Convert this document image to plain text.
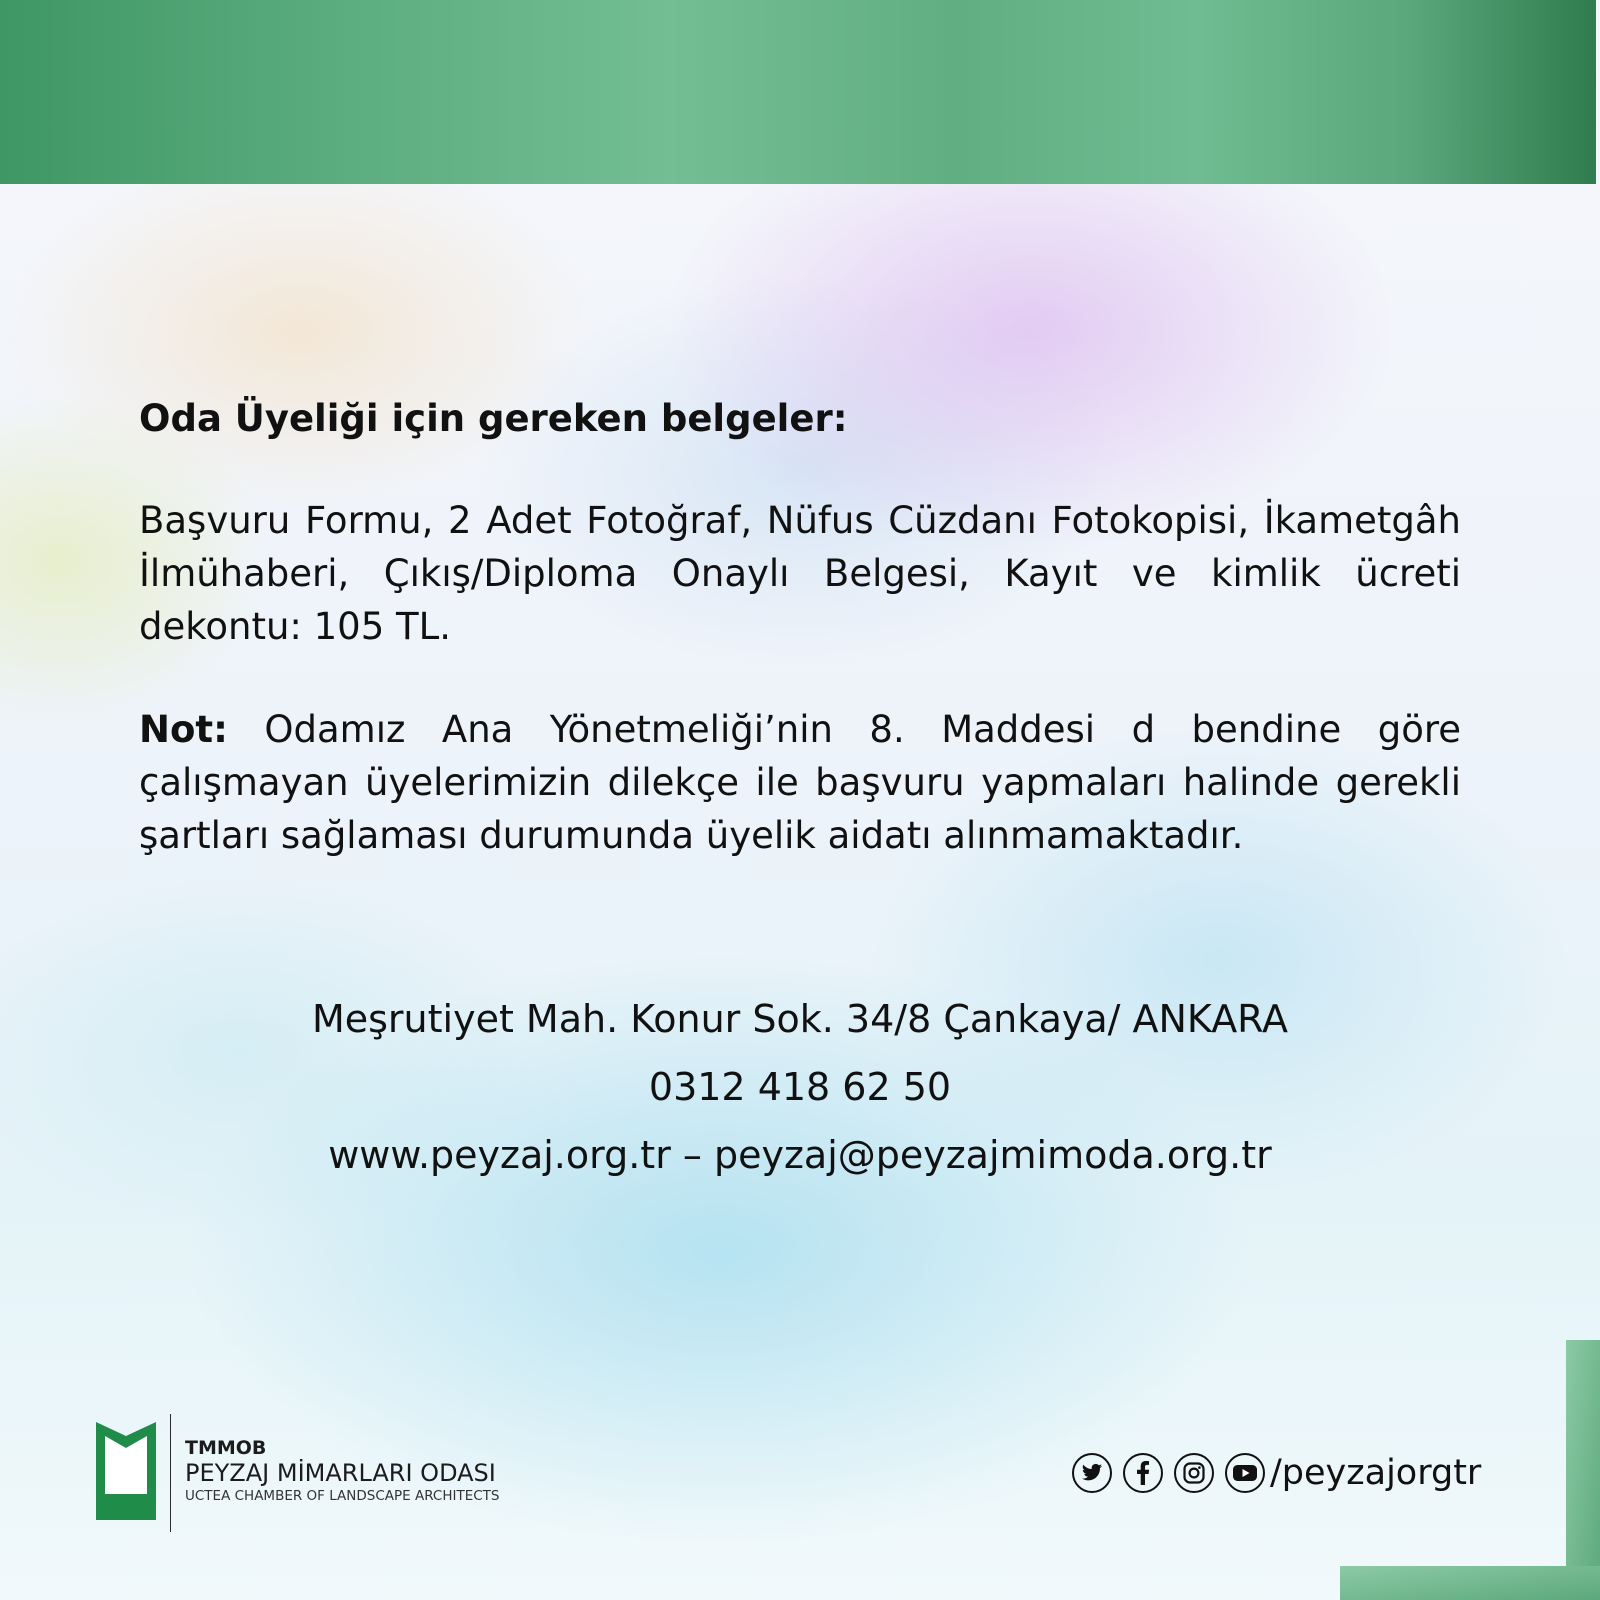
Oda Üyeliği için gereken belgeler:

Başvuru Formu, 2 Adet Fotoğraf, Nüfus Cüzdanı Fotokopisi, İkametgâh İlmühaberi, Çıkış/Diploma Onaylı Belgesi, Kayıt ve kimlik ücreti dekontu: 105 TL.

Not: Odamız Ana Yönetmeliği’nin 8. Maddesi d bendine göre çalışmayan üyelerimizin dilekçe ile başvuru yapmaları halinde gerekli şartları sağlaması durumunda üyelik aidatı alınmamaktadır.

Meşrutiyet Mah. Konur Sok. 34/8 Çankaya/ ANKARA
0312 418 62 50
www.peyzaj.org.tr – peyzaj@peyzajmimoda.org.tr
TMMOB
PEYZAJ MİMARLARI ODASI
UCTEA CHAMBER OF LANDSCAPE ARCHITECTS
/peyzajorgtr
